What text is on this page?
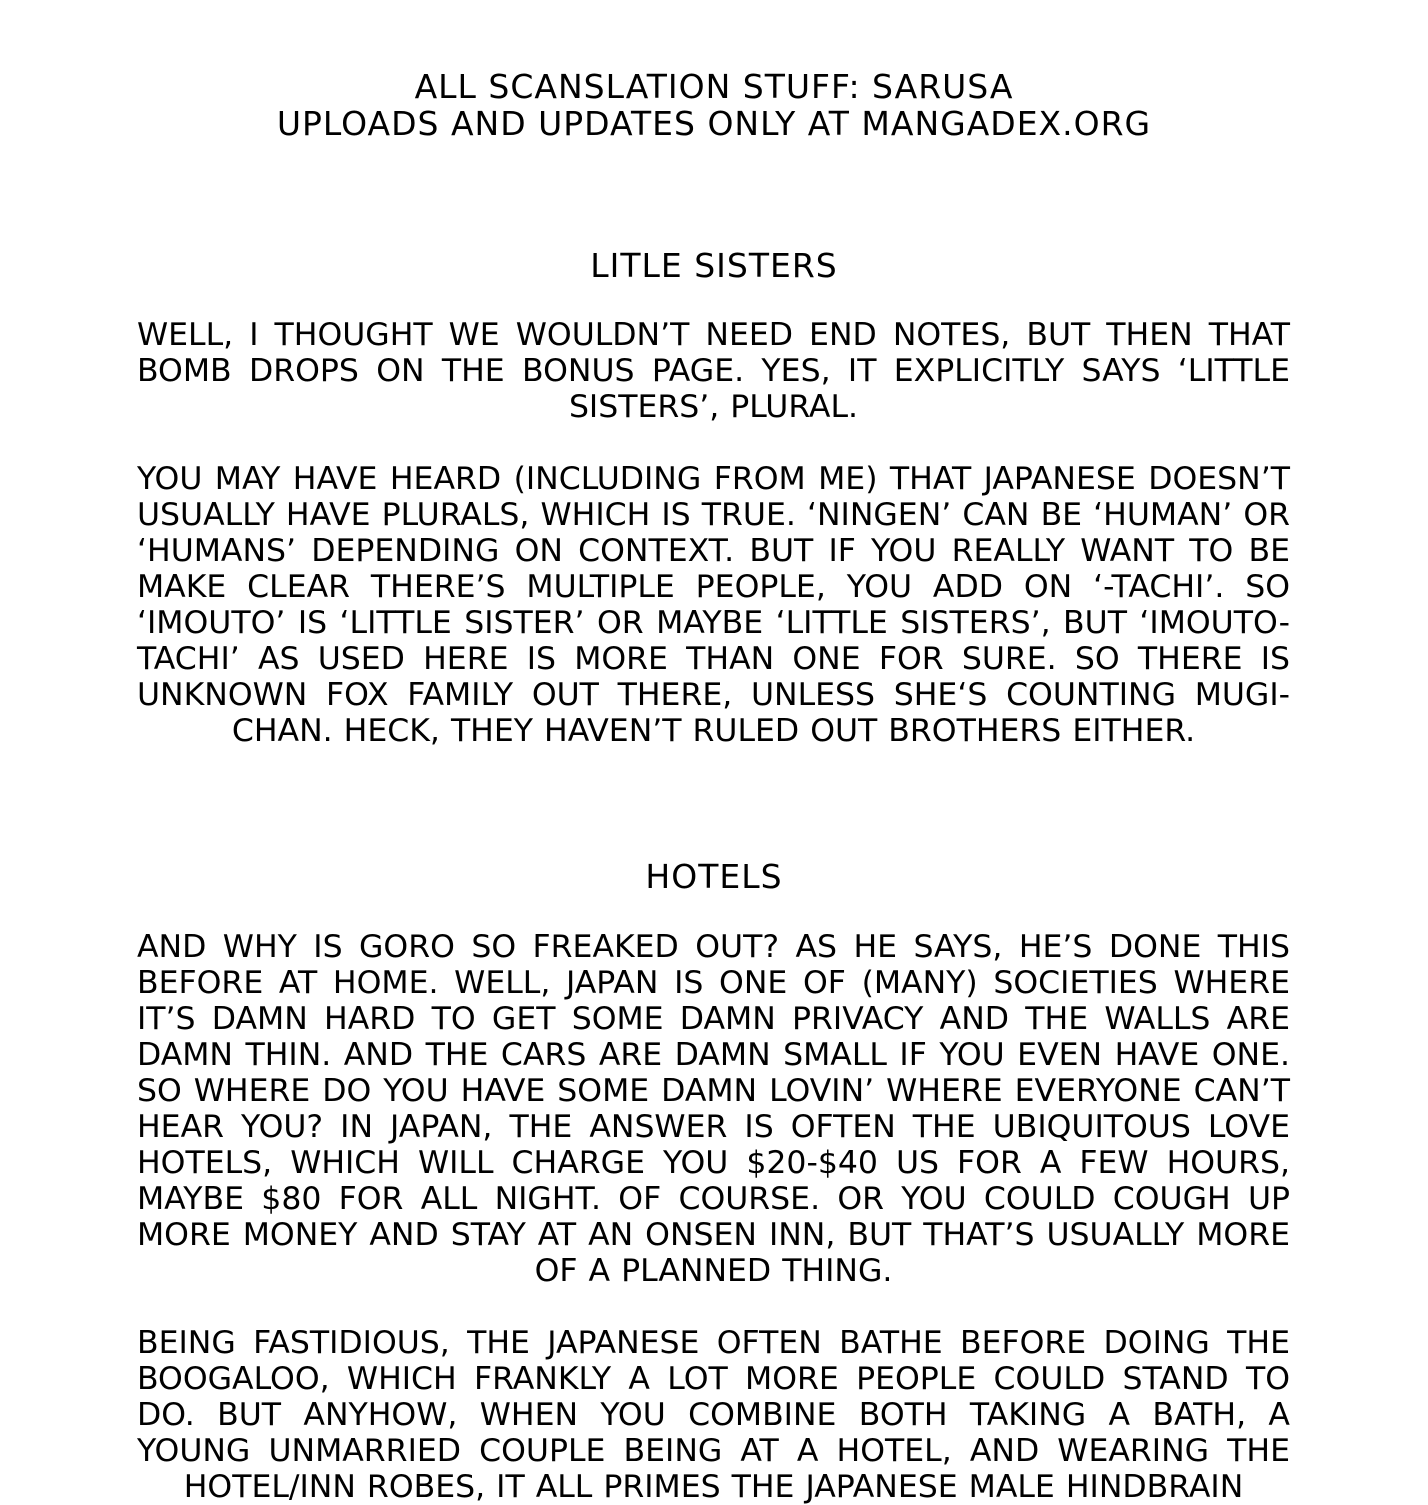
ALL SCANSLATION STUFF: SARUSA
UPLOADS AND UPDATES ONLY AT MANGADEX.ORG
LITLE SISTERS

WELL, I THOUGHT WE WOULDN’T NEED END NOTES, BUT THEN THAT BOMB DROPS ON THE BONUS PAGE. YES, IT EXPLICITLY SAYS ‘LITTLE SISTERS’, PLURAL.

YOU MAY HAVE HEARD (INCLUDING FROM ME) THAT JAPANESE DOESN’T USUALLY HAVE PLURALS, WHICH IS TRUE. ‘NINGEN’ CAN BE ‘HUMAN’ OR ‘HUMANS’ DEPENDING ON CONTEXT. BUT IF YOU REALLY WANT TO BE MAKE CLEAR THERE’S MULTIPLE PEOPLE, YOU ADD ON ‘-TACHI’. SO ‘IMOUTO’ IS ‘LITTLE SISTER’ OR MAYBE ‘LITTLE SISTERS’, BUT ‘IMOUTO-TACHI’ AS USED HERE IS MORE THAN ONE FOR SURE. SO THERE IS UNKNOWN FOX FAMILY OUT THERE, UNLESS SHE‘S COUNTING MUGI-CHAN. HECK, THEY HAVEN’T RULED OUT BROTHERS EITHER.

HOTELS

AND WHY IS GORO SO FREAKED OUT? AS HE SAYS, HE’S DONE THIS BEFORE AT HOME. WELL, JAPAN IS ONE OF (MANY) SOCIETIES WHERE IT’S DAMN HARD TO GET SOME DAMN PRIVACY AND THE WALLS ARE DAMN THIN. AND THE CARS ARE DAMN SMALL IF YOU EVEN HAVE ONE. SO WHERE DO YOU HAVE SOME DAMN LOVIN’ WHERE EVERYONE CAN’T HEAR YOU? IN JAPAN, THE ANSWER IS OFTEN THE UBIQUITOUS LOVE HOTELS, WHICH WILL CHARGE YOU $20-$40 US FOR A FEW HOURS, MAYBE $80 FOR ALL NIGHT. OF COURSE. OR YOU COULD COUGH UP MORE MONEY AND STAY AT AN ONSEN INN, BUT THAT’S USUALLY MORE OF A PLANNED THING.

BEING FASTIDIOUS, THE JAPANESE OFTEN BATHE BEFORE DOING THE BOOGALOO, WHICH FRANKLY A LOT MORE PEOPLE COULD STAND TO DO. BUT ANYHOW, WHEN YOU COMBINE BOTH TAKING A BATH, A YOUNG UNMARRIED COUPLE BEING AT A HOTEL, AND WEARING THE HOTEL/INN ROBES, IT ALL PRIMES THE JAPANESE MALE HINDBRAIN
